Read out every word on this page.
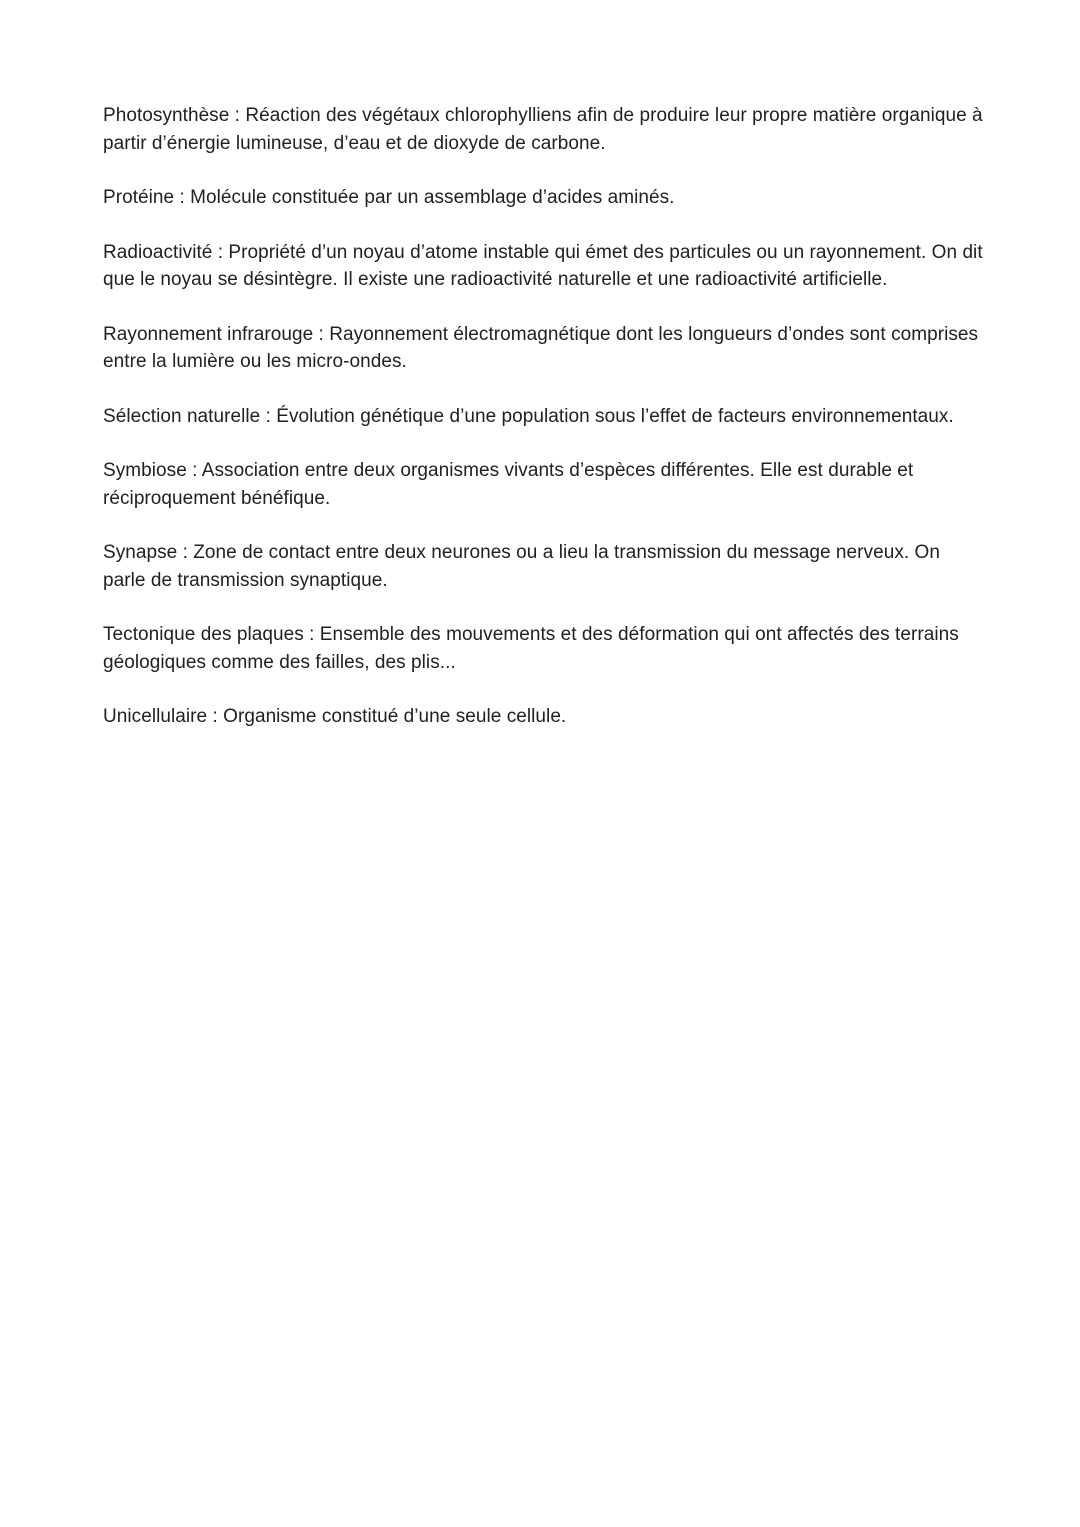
Photosynthèse : Réaction des végétaux chlorophylliens afin de produire leur propre matière organique à partir d’énergie lumineuse, d’eau et de dioxyde de carbone.

Protéine : Molécule constituée par un assemblage d’acides aminés.

Radioactivité : Propriété d’un noyau d’atome instable qui émet des particules ou un rayonnement. On dit que le noyau se désintègre. Il existe une radioactivité naturelle et une radioactivité artificielle.

Rayonnement infrarouge : Rayonnement électromagnétique dont les longueurs d’ondes sont comprises entre la lumière ou les micro-ondes.

Sélection naturelle : Évolution génétique d’une population sous l’effet de facteurs environnementaux.

Symbiose : Association entre deux organismes vivants d’espèces différentes. Elle est durable et réciproquement bénéfique.

Synapse : Zone de contact entre deux neurones ou a lieu la transmission du message nerveux. On parle de transmission synaptique.

Tectonique des plaques : Ensemble des mouvements et des déformation qui ont affectés des terrains géologiques comme des failles, des plis...

Unicellulaire : Organisme constitué d’une seule cellule.
